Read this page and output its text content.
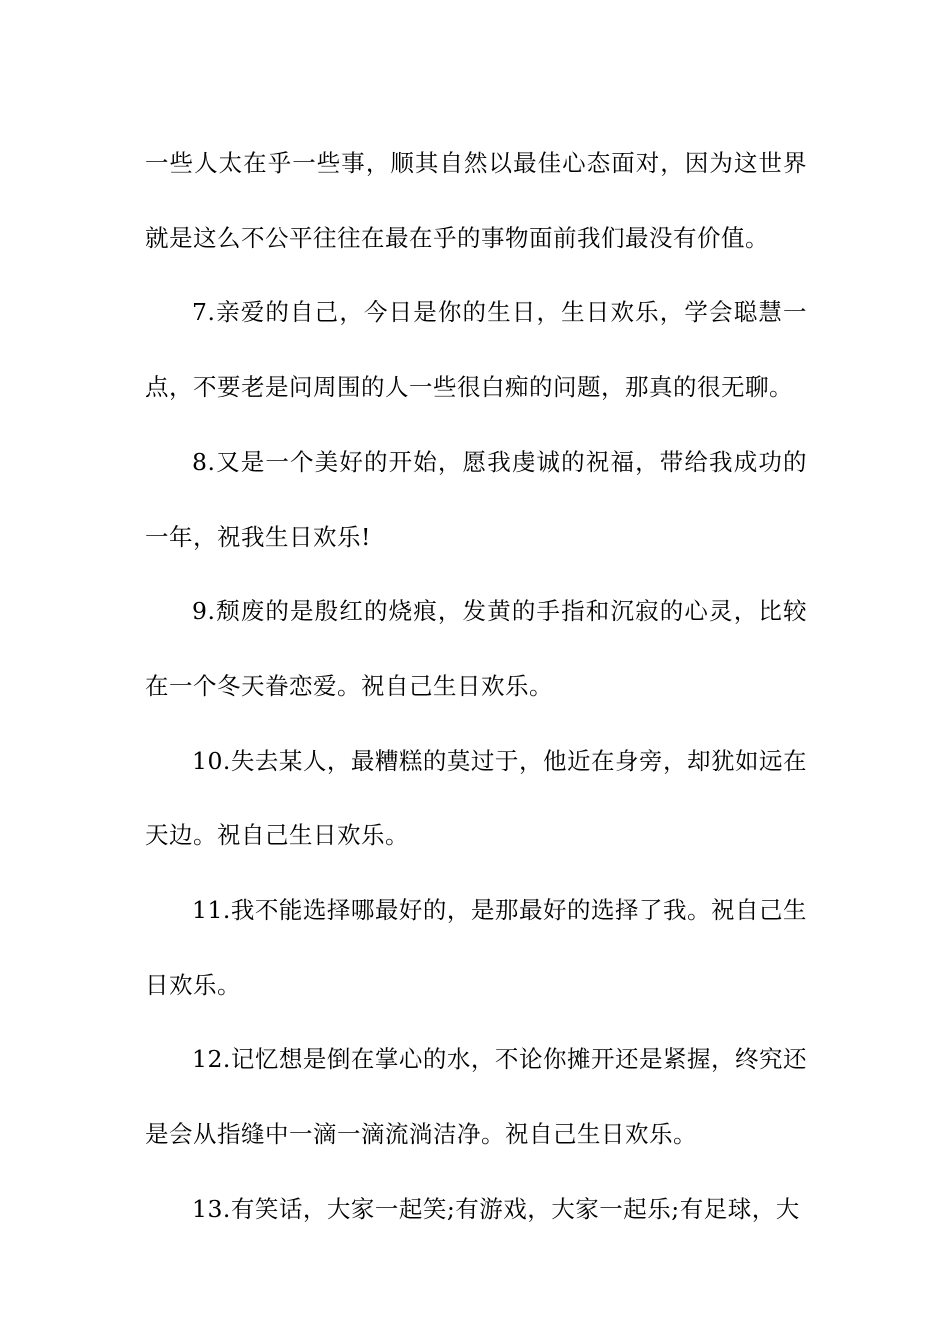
一些人太在乎一些事，顺其自然以最佳心态面对，因为这世界就是这么不公平往往在最在乎的事物面前我们最没有价值。

7.亲爱的自己，今日是你的生日，生日欢乐，学会聪慧一点，不要老是问周围的人一些很白痴的问题，那真的很无聊。

8.又是一个美好的开始，愿我虔诚的祝福，带给我成功的一年，祝我生日欢乐!

9.颓废的是殷红的烧痕，发黄的手指和沉寂的心灵，比较在一个冬天眷恋爱。祝自己生日欢乐。

10.失去某人，最糟糕的莫过于，他近在身旁，却犹如远在天边。祝自己生日欢乐。

11.我不能选择哪最好的，是那最好的选择了我。祝自己生日欢乐。

12.记忆想是倒在掌心的水，不论你摊开还是紧握，终究还是会从指缝中一滴一滴流淌洁净。祝自己生日欢乐。

13.有笑话，大家一起笑;有游戏，大家一起乐;有足球，大
